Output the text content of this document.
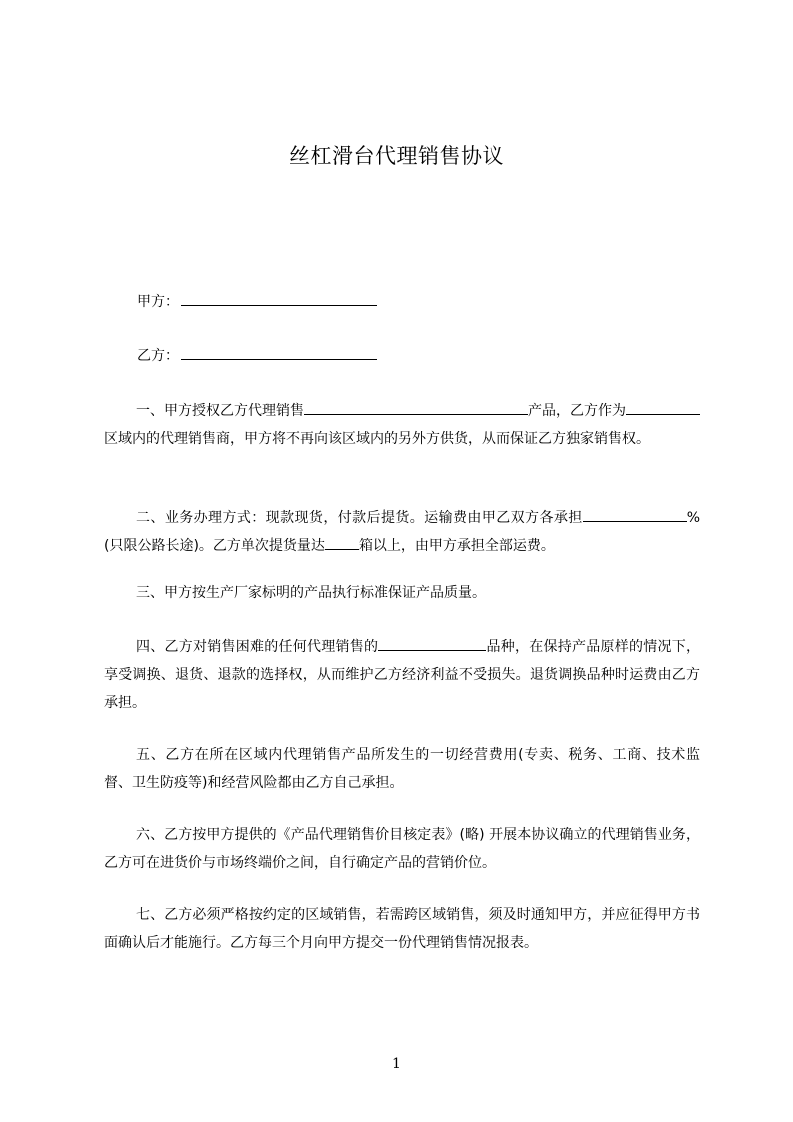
丝杠滑台代理销售协议
甲方：
乙方：
一、甲方授权乙方代理销售	产品，乙方作为区域内的代理销售商，甲方将不再向该区域内的另外方供货，从而保证乙方独家销售权。
二、业务办理方式：现款现货，付款后提货。运输费由甲乙双方各承担	%(只限公路长途)。乙方单次提货量达 箱以上，由甲方承担全部运费。
三、甲方按生产厂家标明的产品执行标准保证产品质量。
四、乙方对销售困难的任何代理销售的	品种，在保持产品原样的情况下，享受调换、退货、退款的选择权，从而维护乙方经济利益不受损失。退货调换品种时运费由乙方承担。
五、乙方在所在区域内代理销售产品所发生的一切经营费用(专卖、税务、工商、技术监督、卫生防疫等)和经营风险都由乙方自己承担。
六、乙方按甲方提供的《产品代理销售价目核定表》(略) 开展本协议确立的代理销售业务，乙方可在进货价与市场终端价之间，自行确定产品的营销价位。
七、乙方必须严格按约定的区域销售，若需跨区域销售，须及时通知甲方，并应征得甲方书面确认后才能施行。乙方每三个月向甲方提交一份代理销售情况报表。
1
